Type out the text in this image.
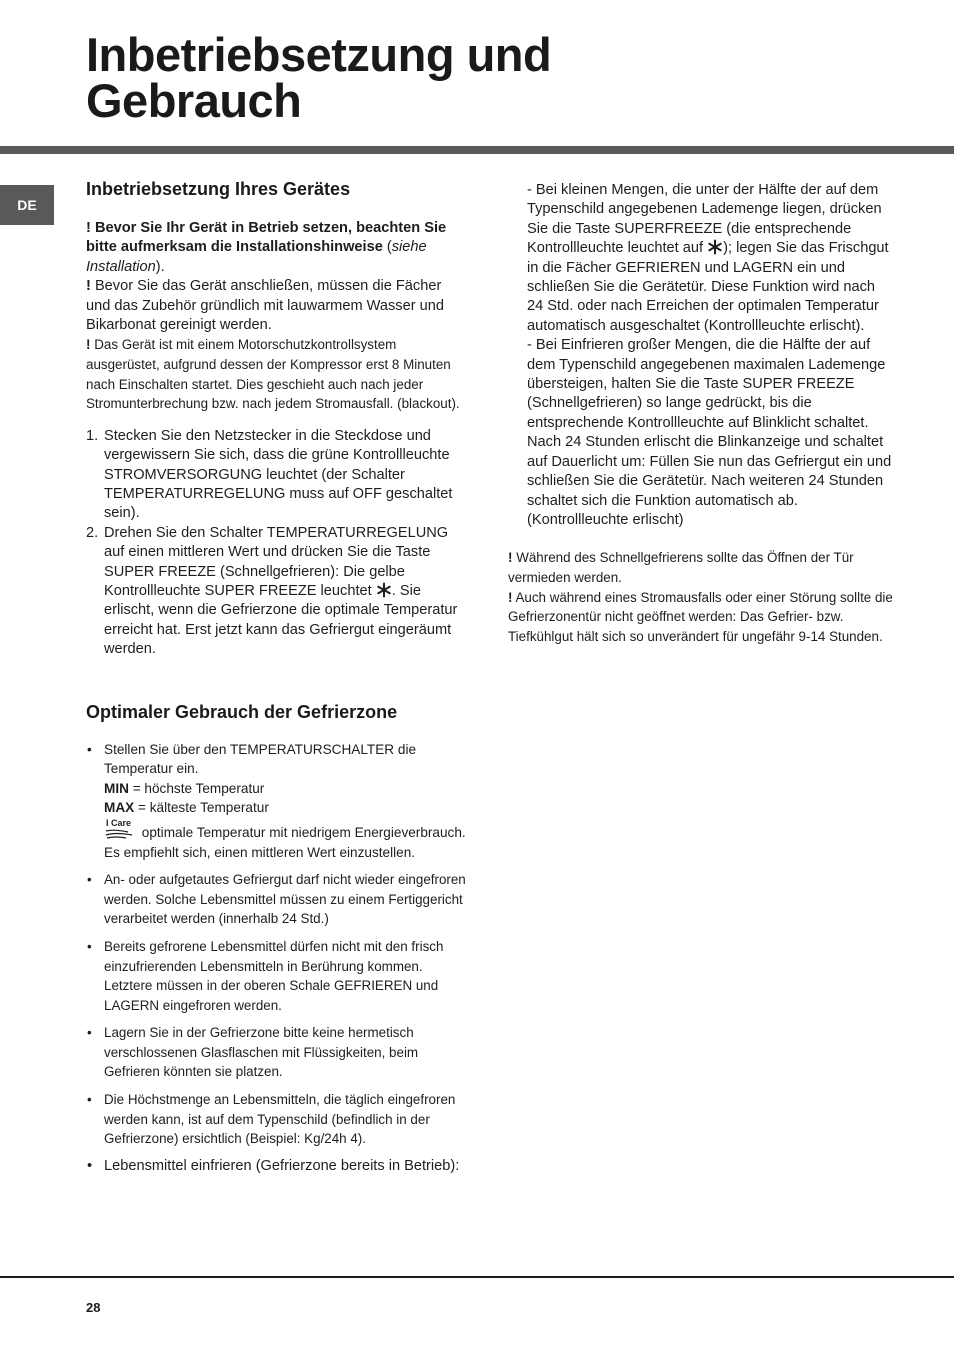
Inbetriebsetzung und
Gebrauch
DE
Inbetriebsetzung Ihres Gerätes

! Bevor Sie Ihr Gerät in Betrieb setzen, beachten Sie bitte aufmerksam die Installationshinweise (siehe Installation).

! Bevor Sie das Gerät anschließen, müssen die Fächer und das Zubehör gründlich mit lauwarmem Wasser und Bikarbonat gereinigt werden.

! Das Gerät ist mit einem Motorschutzkontrollsystem ausgerüstet, aufgrund dessen der Kompressor erst 8 Minuten nach Einschalten startet. Dies geschieht auch nach jeder Stromunterbrechung bzw. nach jedem Stromausfall. (blackout).

1. Stecken Sie den Netzstecker in die Steckdose und vergewissern Sie sich, dass die grüne Kontrollleuchte STROMVERSORGUNG leuchtet (der Schalter TEMPERATURREGELUNG muss auf OFF geschaltet sein).
2. Drehen Sie den Schalter TEMPERATURREGELUNG auf einen mittleren Wert und drücken Sie die Taste SUPER FREEZE (Schnellgefrieren): Die gelbe Kontrollleuchte SUPER FREEZE leuchtet . Sie erlischt, wenn die Gefrierzone die optimale Temperatur erreicht hat. Erst jetzt kann das Gefriergut eingeräumt werden.
Optimaler Gebrauch der Gefrierzone
• Stellen Sie über den TEMPERATURSCHALTER die Temperatur ein.
MIN = höchste Temperatur
MAX = kälteste Temperatur

I Care
optimale Temperatur mit niedrigem Energieverbrauch.
Es empfiehlt sich, einen mittleren Wert einzustellen.
• An- oder aufgetautes Gefriergut darf nicht wieder eingefroren werden. Solche Lebensmittel müssen zu einem Fertiggericht verarbeitet werden (innerhalb 24 Std.)
• Bereits gefrorene Lebensmittel dürfen nicht mit den frisch einzufrierenden Lebensmitteln in Berührung kommen. Letztere müssen in der oberen Schale GEFRIEREN und LAGERN eingefroren werden.
• Lagern Sie in der Gefrierzone bitte keine hermetisch verschlossenen Glasflaschen mit Flüssigkeiten, beim Gefrieren könnten sie platzen.
• Die Höchstmenge an Lebensmitteln, die täglich eingefroren werden kann, ist auf dem Typenschild (befindlich in der Gefrierzone) ersichtlich (Beispiel: Kg/24h 4).
• Lebensmittel einfrieren (Gefrierzone bereits in Betrieb):

- Bei kleinen Mengen, die unter der Hälfte der auf dem Typenschild angegebenen Lademenge liegen, drücken Sie die Taste SUPERFREEZE (die entsprechende Kontrollleuchte leuchtet auf ); legen Sie das Frischgut in die Fächer GEFRIEREN und LAGERN ein und schließen Sie die Gerätetür. Diese Funktion wird nach 24 Std. oder nach Erreichen der optimalen Temperatur automatisch ausgeschaltet (Kontrollleuchte erlischt).

- Bei Einfrieren großer Mengen, die die Hälfte der auf dem Typenschild angegebenen maximalen Lademenge übersteigen, halten Sie die Taste SUPER FREEZE (Schnellgefrieren) so lange gedrückt, bis die entsprechende Kontrollleuchte auf Blinklicht schaltet. Nach 24 Stunden erlischt die Blinkanzeige und schaltet auf Dauerlicht um: Füllen Sie nun das Gefriergut ein und schließen Sie die Gerätetür. Nach weiteren 24 Stunden schaltet sich die Funktion automatisch ab. (Kontrollleuchte erlischt)

! Während des Schnellgefrierens sollte das Öffnen der Tür vermieden werden.

! Auch während eines Stromausfalls oder einer Störung sollte die Gefrierzonentür nicht geöffnet werden: Das Gefrier- bzw. Tiefkühlgut hält sich so unverändert für ungefähr 9-14 Stunden.

28
